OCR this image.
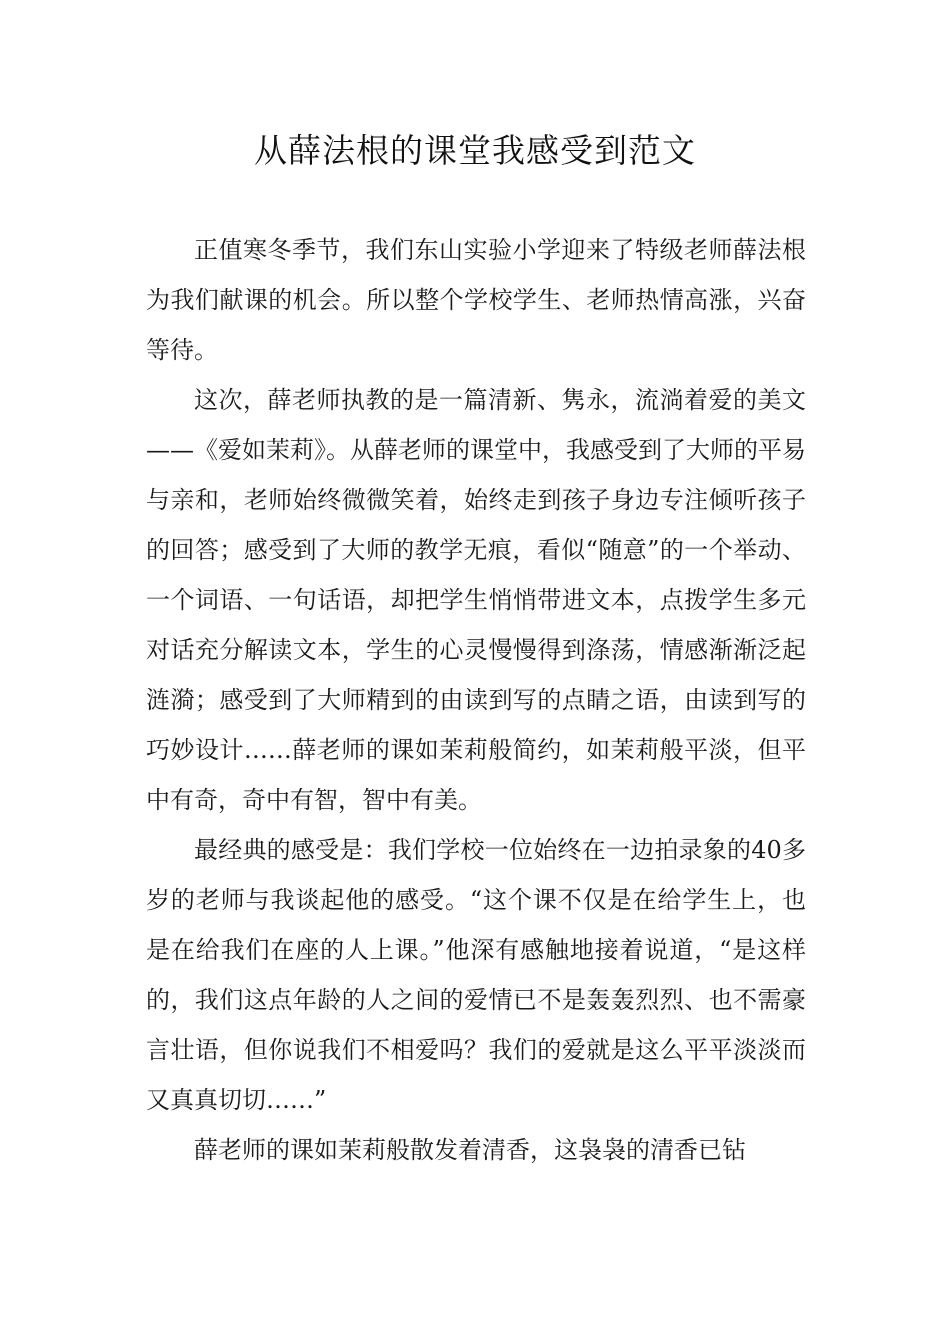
从薛法根的课堂我感受到范文

正值寒冬季节，我们东山实验小学迎来了特级老师薛法根为我们献课的机会。所以整个学校学生、老师热情高涨，兴奋等待。

这次，薛老师执教的是一篇清新、隽永，流淌着爱的美文——《爱如茉莉》。从薛老师的课堂中，我感受到了大师的平易与亲和，老师始终微微笑着，始终走到孩子身边专注倾听孩子的回答；感受到了大师的教学无痕，看似“随意”的一个举动、一个词语、一句话语，却把学生悄悄带进文本，点拨学生多元对话充分解读文本，学生的心灵慢慢得到涤荡，情感渐渐泛起涟漪；感受到了大师精到的由读到写的点睛之语，由读到写的巧妙设计……薛老师的课如茉莉般简约，如茉莉般平淡，但平中有奇，奇中有智，智中有美。

最经典的感受是：我们学校一位始终在一边拍录象的40多岁的老师与我谈起他的感受。“这个课不仅是在给学生上，也是在给我们在座的人上课。”他深有感触地接着说道，“是这样的，我们这点年龄的人之间的爱情已不是轰轰烈烈、也不需豪言壮语，但你说我们不相爱吗？我们的爱就是这么平平淡淡而又真真切切……”

薛老师的课如茉莉般散发着清香，这袅袅的清香已钻
